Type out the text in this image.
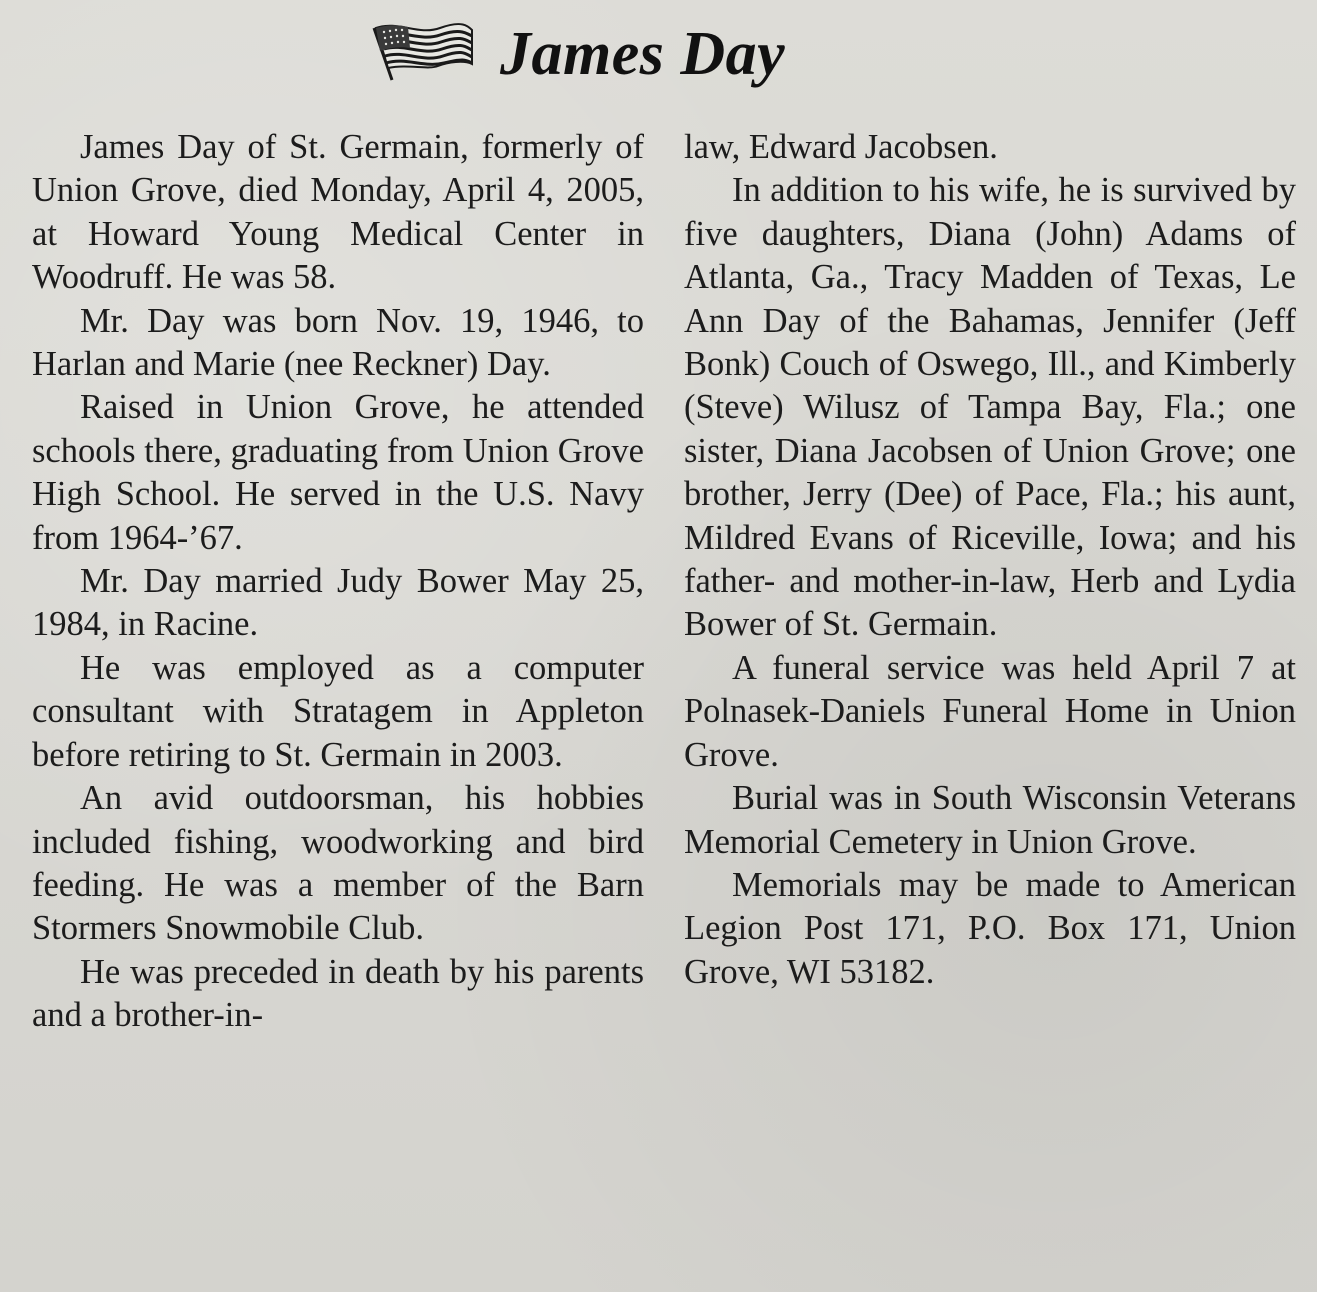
James Day

James Day of St. Germain, formerly of Union Grove, died Monday, April 4, 2005, at Howard Young Medical Center in Woodruff. He was 58.

Mr. Day was born Nov. 19, 1946, to Harlan and Marie (nee Reckner) Day.

Raised in Union Grove, he attended schools there, graduating from Union Grove High School. He served in the U.S. Navy from 1964-’67.

Mr. Day married Judy Bower May 25, 1984, in Racine.

He was employed as a computer consultant with Stratagem in Appleton before retiring to St. Germain in 2003.

An avid outdoorsman, his hobbies included fishing, woodworking and bird feeding. He was a member of the Barn Stormers Snowmobile Club.

He was preceded in death by his parents and a brother-in-

law, Edward Jacobsen.

In addition to his wife, he is survived by five daughters, Diana (John) Adams of Atlanta, Ga., Tracy Madden of Texas, Le Ann Day of the Bahamas, Jennifer (Jeff Bonk) Couch of Oswego, Ill., and Kimberly (Steve) Wilusz of Tampa Bay, Fla.; one sister, Diana Jacobsen of Union Grove; one brother, Jerry (Dee) of Pace, Fla.; his aunt, Mildred Evans of Riceville, Iowa; and his father- and mother-in-law, Herb and Lydia Bower of St. Germain.

A funeral service was held April 7 at Polnasek-Daniels Funeral Home in Union Grove.

Burial was in South Wisconsin Veterans Memorial Cemetery in Union Grove.

Memorials may be made to American Legion Post 171, P.O. Box 171, Union Grove, WI 53182.
